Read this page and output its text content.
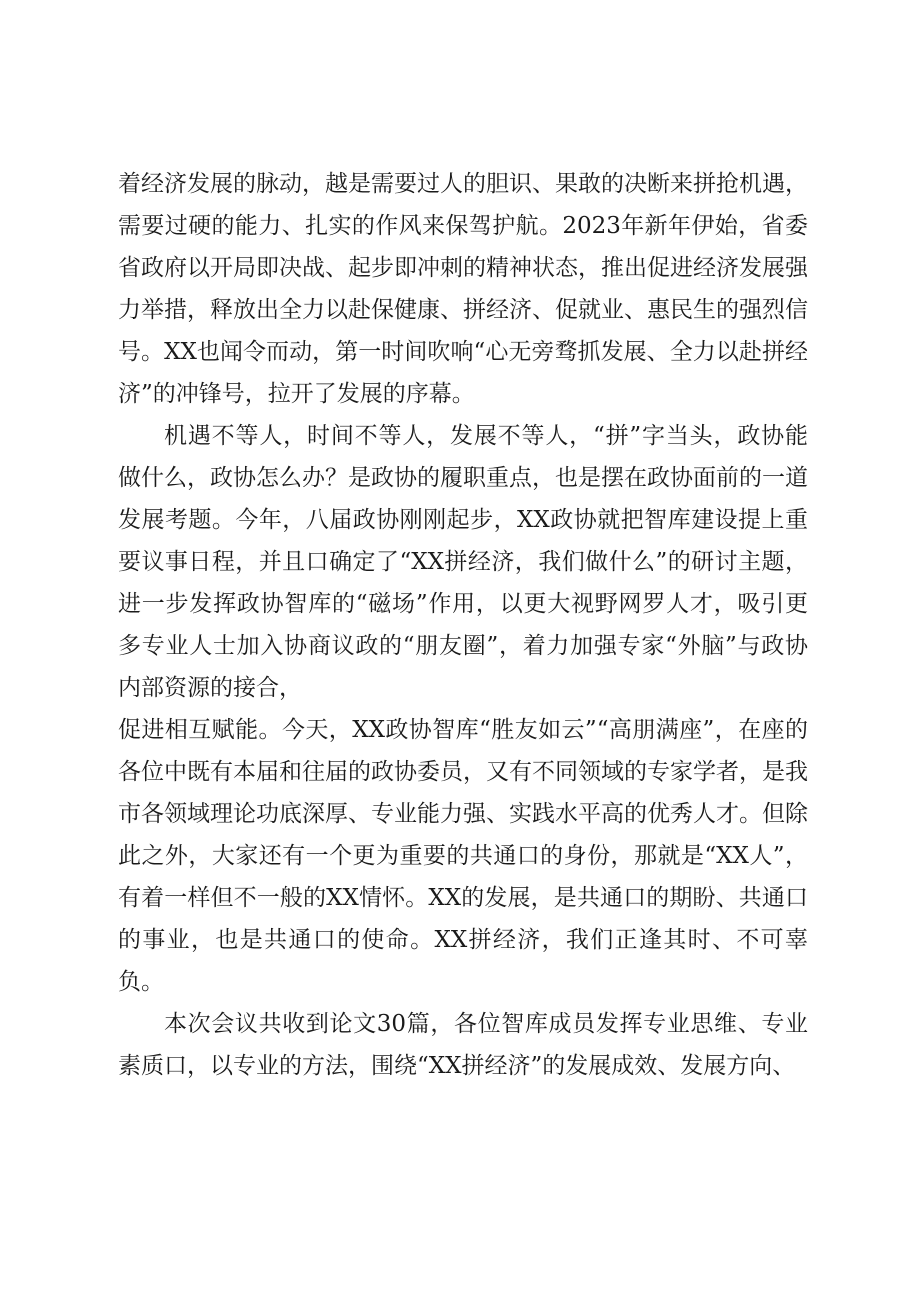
着经济发展的脉动，越是需要过人的胆识、果敢的决断来拼抢机遇，需要过硬的能力、扎实的作风来保驾护航。2023年新年伊始，省委省政府以开局即决战、起步即冲刺的精神状态，推出促进经济发展强力举措，释放出全力以赴保健康、拼经济、促就业、惠民生的强烈信号。XX也闻令而动，第一时间吹响“心无旁骛抓发展、全力以赴拼经济”的冲锋号，拉开了发展的序幕。

机遇不等人，时间不等人，发展不等人，“拼”字当头，政协能做什么，政协怎么办？是政协的履职重点，也是摆在政协面前的一道发展考题。今年，八届政协刚刚起步，XX政协就把智库建设提上重要议事日程，并且口确定了“XX拼经济，我们做什么”的研讨主题，进一步发挥政协智库的“磁场”作用，以更大视野网罗人才，吸引更多专业人士加入协商议政的“朋友圈”，着力加强专家“外脑”与政协内部资源的接合，

促进相互赋能。今天，XX政协智库“胜友如云”“高朋满座”，在座的各位中既有本届和往届的政协委员，又有不同领域的专家学者，是我市各领域理论功底深厚、专业能力强、实践水平高的优秀人才。但除此之外，大家还有一个更为重要的共通口的身份，那就是“XX人”，有着一样但不一般的XX情怀。XX的发展，是共通口的期盼、共通口的事业，也是共通口的使命。XX拼经济，我们正逢其时、不可辜负。

本次会议共收到论文30篇，各位智库成员发挥专业思维、专业素质口，以专业的方法，围绕“XX拼经济”的发展成效、发展方向、
